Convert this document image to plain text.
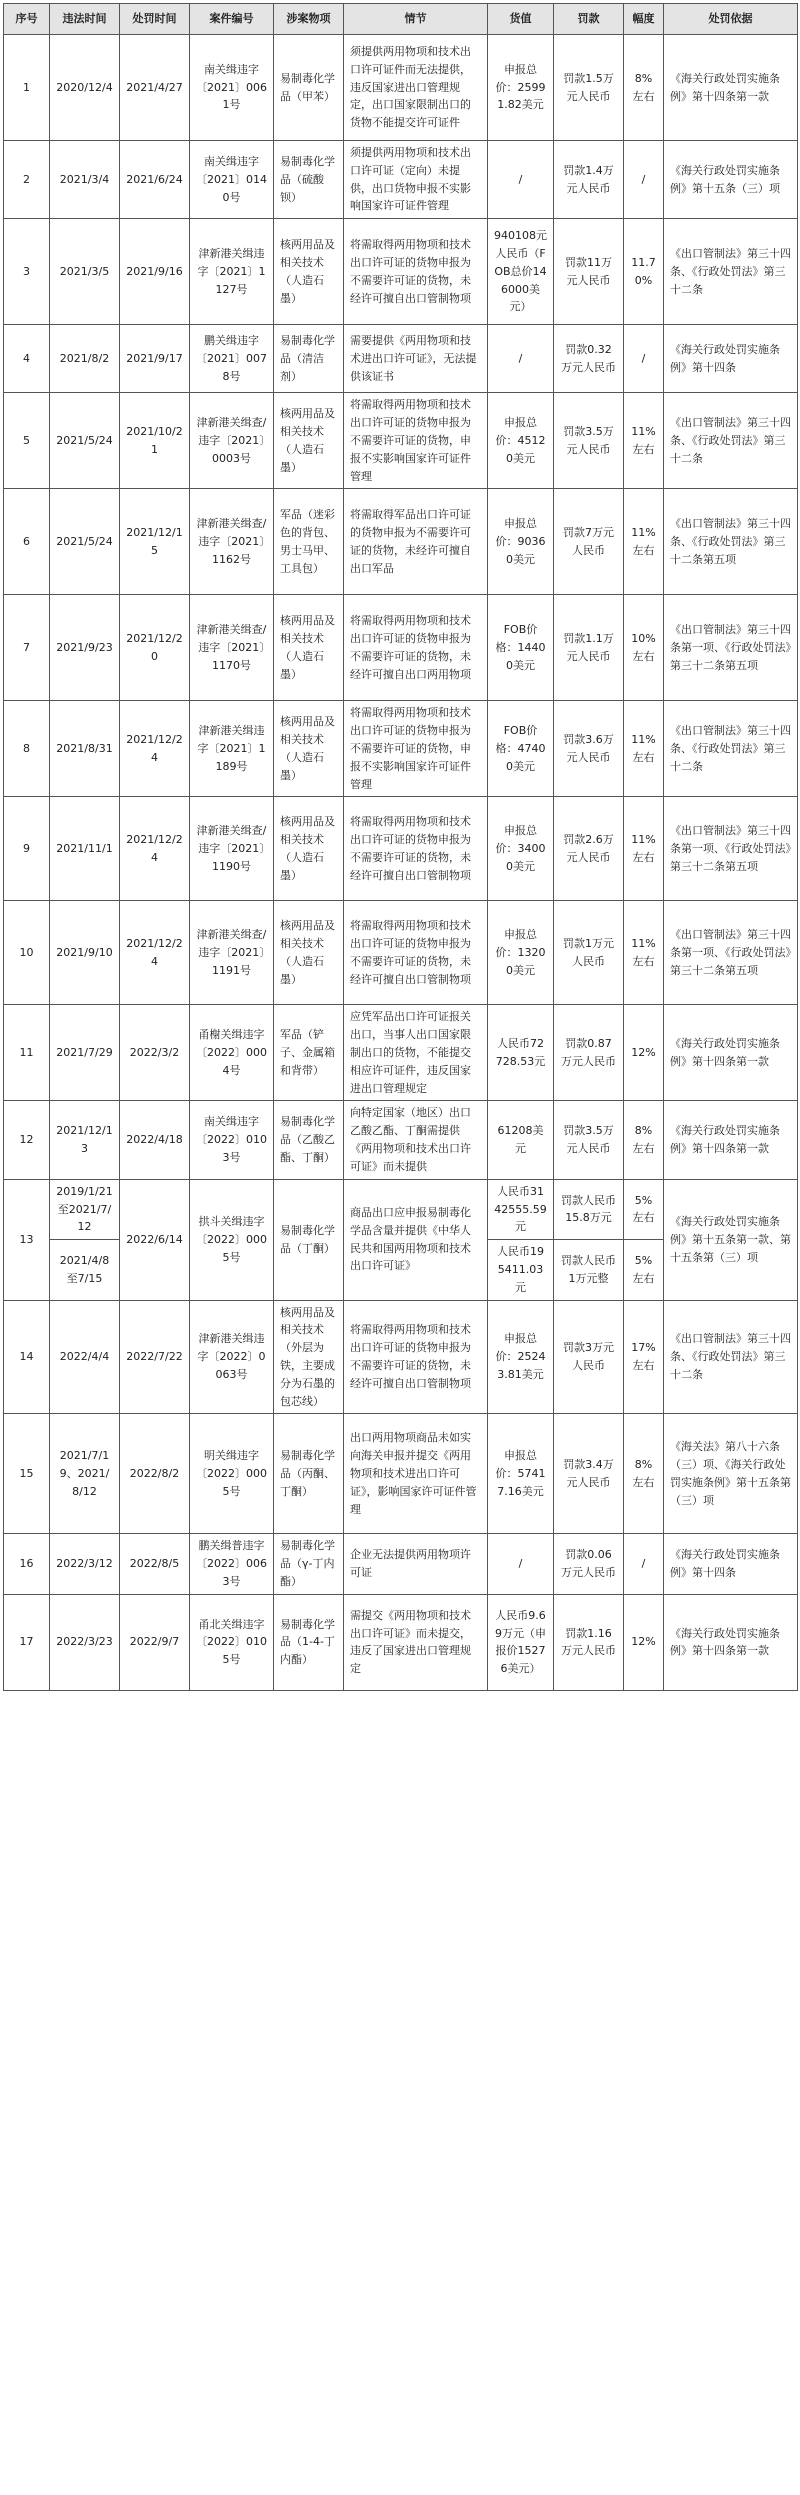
序号	违法时间	处罚时间	案件编号	涉案物项	情节	货值	罚款	幅度	处罚依据
1	2020/12/4	2021/4/27	南关缉违字〔2021〕0061号	易制毒化学品（甲苯）	须提供两用物项和技术出口许可证件而无法提供，违反国家进出口管理规定，出口国家限制出口的货物不能提交许可证件	申报总价：25991.82美元	罚款1.5万元人民币	8%左右	《海关行政处罚实施条例》第十四条第一款
2	2021/3/4	2021/6/24	南关缉违字〔2021〕0140号	易制毒化学品（硫酸钡）	须提供两用物项和技术出口许可证（定向）未提供，出口货物申报不实影响国家许可证件管理	/	罚款1.4万元人民币	/	《海关行政处罚实施条例》第十五条（三）项
3	2021/3/5	2021/9/16	津新港关缉违字〔2021〕1127号	核两用品及相关技术（人造石墨）	将需取得两用物项和技术出口许可证的货物申报为不需要许可证的货物，未经许可擅自出口管制物项	940108元人民币（FOB总价146000美元）	罚款11万元人民币	11.70%	《出口管制法》第三十四条、《行政处罚法》第三十二条
4	2021/8/2	2021/9/17	鹏关缉违字〔2021〕0078号	易制毒化学品（清洁剂）	需要提供《两用物项和技术进出口许可证》，无法提供该证书	/	罚款0.32万元人民币	/	《海关行政处罚实施条例》第十四条
5	2021/5/24	2021/10/21	津新港关缉查/违字〔2021〕0003号	核两用品及相关技术（人造石墨）	将需取得两用物项和技术出口许可证的货物申报为不需要许可证的货物，申报不实影响国家许可证件管理	申报总价：45120美元	罚款3.5万元人民币	11%左右	《出口管制法》第三十四条、《行政处罚法》第三十二条
6	2021/5/24	2021/12/15	津新港关缉查/违字〔2021〕1162号	军品（迷彩色的背包、男士马甲、工具包）	将需取得军品出口许可证的货物申报为不需要许可证的货物，未经许可擅自出口军品	申报总价：90360美元	罚款7万元人民币	11%左右	《出口管制法》第三十四条、《行政处罚法》第三十二条第五项
7	2021/9/23	2021/12/20	津新港关缉查/违字〔2021〕1170号	核两用品及相关技术（人造石墨）	将需取得两用物项和技术出口许可证的货物申报为不需要许可证的货物，未经许可擅自出口两用物项	FOB价格：14400美元	罚款1.1万元人民币	10%左右	《出口管制法》第三十四条第一项、《行政处罚法》第三十二条第五项
8	2021/8/31	2021/12/24	津新港关缉违字〔2021〕1189号	核两用品及相关技术（人造石墨）	将需取得两用物项和技术出口许可证的货物申报为不需要许可证的货物，申报不实影响国家许可证件管理	FOB价格：47400美元	罚款3.6万元人民币	11%左右	《出口管制法》第三十四条、《行政处罚法》第三十二条
9	2021/11/1	2021/12/24	津新港关缉查/违字〔2021〕1190号	核两用品及相关技术（人造石墨）	将需取得两用物项和技术出口许可证的货物申报为不需要许可证的货物，未经许可擅自出口管制物项	申报总价：34000美元	罚款2.6万元人民币	11%左右	《出口管制法》第三十四条第一项、《行政处罚法》第三十二条第五项
10	2021/9/10	2021/12/24	津新港关缉查/违字〔2021〕1191号	核两用品及相关技术（人造石墨）	将需取得两用物项和技术出口许可证的货物申报为不需要许可证的货物，未经许可擅自出口管制物项	申报总价：13200美元	罚款1万元人民币	11%左右	《出口管制法》第三十四条第一项、《行政处罚法》第三十二条第五项
11	2021/7/29	2022/3/2	甬榭关缉违字〔2022〕0004号	军品（铲子、金属箱和背带）	应凭军品出口许可证报关出口，当事人出口国家限制出口的货物，不能提交相应许可证件，违反国家进出口管理规定	人民币72728.53元	罚款0.87万元人民币	12%	《海关行政处罚实施条例》第十四条第一款
12	2021/12/13	2022/4/18	南关缉违字〔2022〕0103号	易制毒化学品（乙酸乙酯、丁酮）	向特定国家（地区）出口乙酸乙酯、丁酮需提供《两用物项和技术出口许可证》而未提供	61208美元	罚款3.5万元人民币	8%左右	《海关行政处罚实施条例》第十四条第一款
13	2019/1/21至2021/7/12	2022/6/14	拱斗关缉违字〔2022〕0005号	易制毒化学品（丁酮）	商品出口应申报易制毒化学品含量并提供《中华人民共和国两用物项和技术出口许可证》	人民币3142555.59元	罚款人民币15.8万元	5%左右	《海关行政处罚实施条例》第十五条第一款、第十五条第（三）项
	2021/4/8至7/15					人民币195411.03元	罚款人民币1万元整	5%左右	
14	2022/4/4	2022/7/22	津新港关缉违字〔2022〕0063号	核两用品及相关技术（外层为铁，主要成分为石墨的包芯线）	将需取得两用物项和技术出口许可证的货物申报为不需要许可证的货物，未经许可擅自出口管制物项	申报总价：25243.81美元	罚款3万元人民币	17%左右	《出口管制法》第三十四条、《行政处罚法》第三十二条
15	2021/7/19、2021/8/12	2022/8/2	明关缉违字〔2022〕0005号	易制毒化学品（丙酮、丁酮）	出口两用物项商品未如实向海关申报并提交《两用物项和技术进出口许可证》，影响国家许可证件管理	申报总价：57417.16美元	罚款3.4万元人民币	8%左右	《海关法》第八十六条（三）项、《海关行政处罚实施条例》第十五条第（三）项
16	2022/3/12	2022/8/5	鹏关缉普违字〔2022〕0063号	易制毒化学品（γ-丁内酯）	企业无法提供两用物项许可证	/	罚款0.06万元人民币	/	《海关行政处罚实施条例》第十四条
17	2022/3/23	2022/9/7	甬北关缉违字〔2022〕0105号	易制毒化学品（1-4-丁内酯）	需提交《两用物项和技术出口许可证》而未提交，违反了国家进出口管理规定	人民币9.69万元（申报价15276美元）	罚款1.16万元人民币	12%	《海关行政处罚实施条例》第十四条第一款
